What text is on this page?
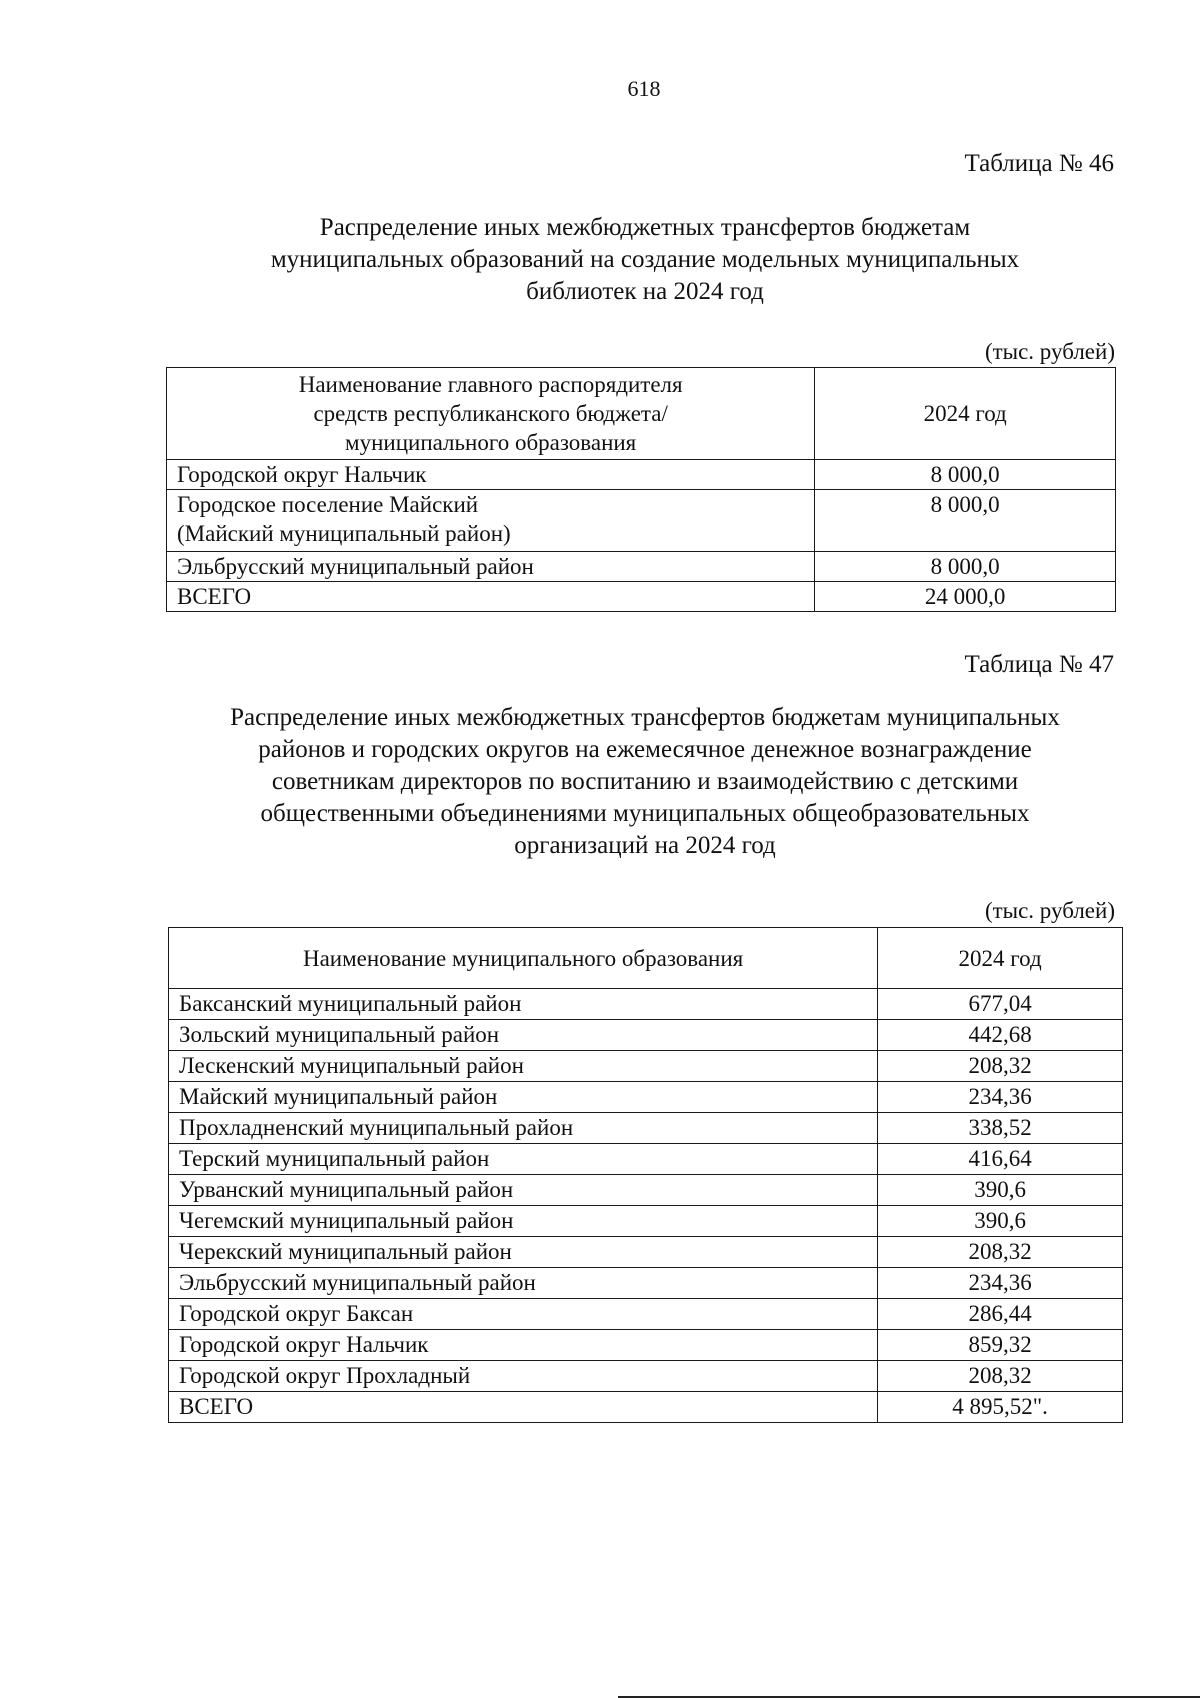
618
Таблица № 46
Распределение иных межбюджетных трансфертов бюджетам
муниципальных образований на создание модельных муниципальных
библиотек на 2024 год
(тыс. рублей)
Наименование главного распорядителя
средств республиканского бюджета/
муниципального образования	2024 год
Городской округ Нальчик	8 000,0

Городское поселение Майский
(Майский муниципальный район)	8 000,0
Эльбрусский муниципальный район	8 000,0
ВСЕГО	24 000,0
Таблица № 47
Распределение иных межбюджетных трансфертов бюджетам муниципальных
районов и городских округов на ежемесячное денежное вознаграждение
советникам директоров по воспитанию и взаимодействию с детскими
общественными объединениями муниципальных общеобразовательных
организаций на 2024 год
(тыс. рублей)
Наименование муниципального образования	2024 год
Баксанский муниципальный район	677,04
Зольский муниципальный район	442,68
Лескенский муниципальный район	208,32
Майский муниципальный район	234,36
Прохладненский муниципальный район	338,52
Терский муниципальный район	416,64
Урванский муниципальный район	390,6
Чегемский муниципальный район	390,6
Черекский муниципальный район	208,32
Эльбрусский муниципальный район	234,36
Городской округ Баксан	286,44
Городской округ Нальчик	859,32
Городской округ Прохладный	208,32
ВСЕГО	4 895,52".
